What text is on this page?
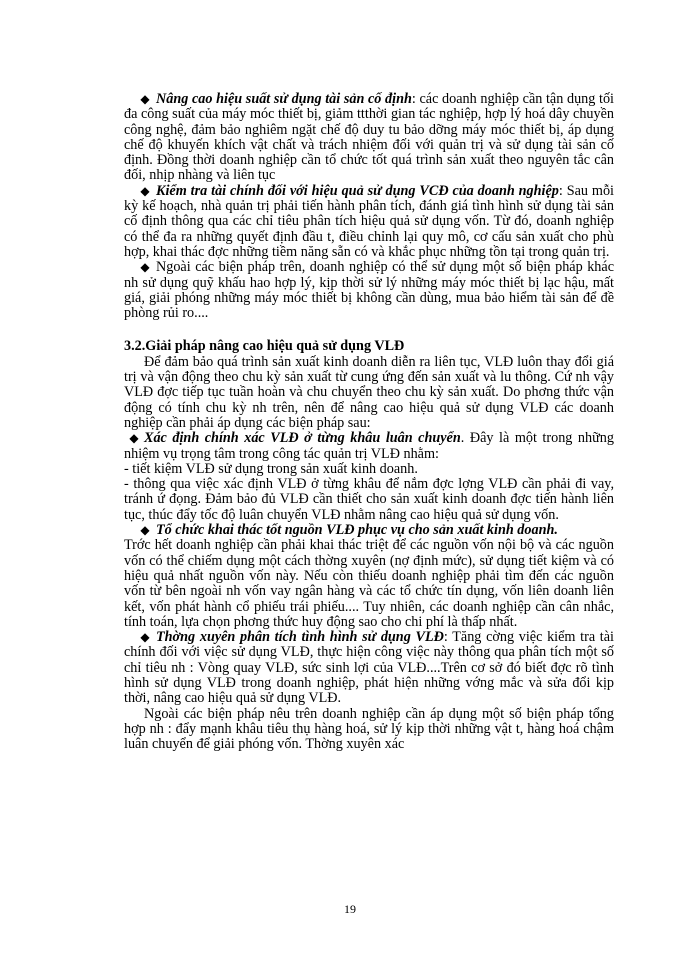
◆ Nâng cao hiệu suất sử dụng tài sản cố định: các doanh nghiệp cần tận dụng tối đa công suất của máy móc thiết bị, giảm ttthời gian tác nghiệp, hợp lý hoá dây chuyền công nghệ, đảm bảo nghiêm ngặt chế độ duy tu bảo dỡng máy móc thiết bị, áp dụng chế độ khuyến khích vật chất và trách nhiệm đối với quản trị và sử dụng tài sản cố định. Đồng thời doanh nghiệp cần tổ chức tốt quá trình sản xuất theo nguyên tắc cân đối, nhịp nhàng và liên tục

◆ Kiểm tra tài chính đối với hiệu quả sử dụng VCĐ của doanh nghiệp: Sau mỗi kỳ kế hoạch, nhà quản trị phải tiến hành phân tích, đánh giá tình hình sử dụng tài sản cố định thông qua các chỉ tiêu phân tích hiệu quả sử dụng vốn. Từ đó, doanh nghiệp có thể đa ra những quyết định đầu t, điều chỉnh lại quy mô, cơ cấu sản xuất cho phù hợp, khai thác đợc những tiềm năng sẵn có và khắc phục những tồn tại trong quản trị.

◆ Ngoài các biện pháp trên, doanh nghiệp có thể sử dụng một số biện pháp khác nh sử dụng quỹ khấu hao hợp lý, kịp thời sử lý những máy móc thiết bị lạc hậu, mất giá, giải phóng những máy móc thiết bị không cần dùng, mua bảo hiểm tài sản để đề phòng rủi ro....

3.2.Giải pháp nâng cao hiệu quả sử dụng VLĐ

Để đảm bảo quá trình sản xuất kinh doanh diễn ra liên tục, VLĐ luôn thay đổi giá trị và vận động theo chu kỳ sản xuất từ cung ứng đến sản xuất và lu thông. Cứ nh vậy VLĐ đợc tiếp tục tuần hoàn và chu chuyển theo chu kỳ sản xuất. Do phơng thức vận động có tính chu kỳ nh trên, nên để nâng cao hiệu quả sử dụng VLĐ các doanh nghiệp cần phải áp dụng các biện pháp sau:

◆ Xác định chính xác VLĐ ở từng khâu luân chuyển. Đây là một trong những nhiệm vụ trọng tâm trong công tác quản trị VLĐ nhằm:

- tiết kiệm VLĐ sử dụng trong sản xuất kinh doanh.

- thông qua việc xác định VLĐ ở từng khâu để nắm đợc lợng VLĐ cần phải đi vay, tránh ứ đọng. Đảm bảo đủ VLĐ cần thiết cho sản xuất kinh doanh đợc tiến hành liên tục, thúc đẩy tốc độ luân chuyển VLĐ nhằm nâng cao hiệu quả sử dụng vốn.

◆ Tổ chức khai thác tốt nguồn VLĐ phục vụ cho sản xuất kinh doanh.

Trớc hết doanh nghiệp cần phải khai thác triệt để các nguồn vốn nội bộ và các nguồn vốn có thể chiếm dụng một cách thờng xuyên (nợ định mức), sử dụng tiết kiệm và có hiệu quả nhất nguồn vốn này. Nếu còn thiếu doanh nghiệp phải tìm đến các nguồn vốn từ bên ngoài nh vốn vay ngân hàng và các tổ chức tín dụng, vốn liên doanh liên kết, vốn phát hành cổ phiếu trái phiếu.... Tuy nhiên, các doanh nghiệp cần cân nhắc, tính toán, lựa chọn phơng thức huy động sao cho chi phí là thấp nhất.

◆ Thờng xuyên phân tích tình hình sử dụng VLĐ: Tăng cờng việc kiểm tra tài chính đối với việc sử dụng VLĐ, thực hiện công việc này thông qua phân tích một số chỉ tiêu nh : Vòng quay VLĐ, sức sinh lợi của VLĐ....Trên cơ sở đó biết đợc rõ tình hình sử dụng VLĐ trong doanh nghiệp, phát hiện những vớng mắc và sửa đổi kịp thời, nâng cao hiệu quả sử dụng VLĐ.

Ngoài các biện pháp nêu trên doanh nghiệp cần áp dụng một số biện pháp tổng hợp nh : đẩy mạnh khâu tiêu thụ hàng hoá, sử lý kịp thời những vật t, hàng hoá chậm luân chuyển để giải phóng vốn. Thờng xuyên xác

19
